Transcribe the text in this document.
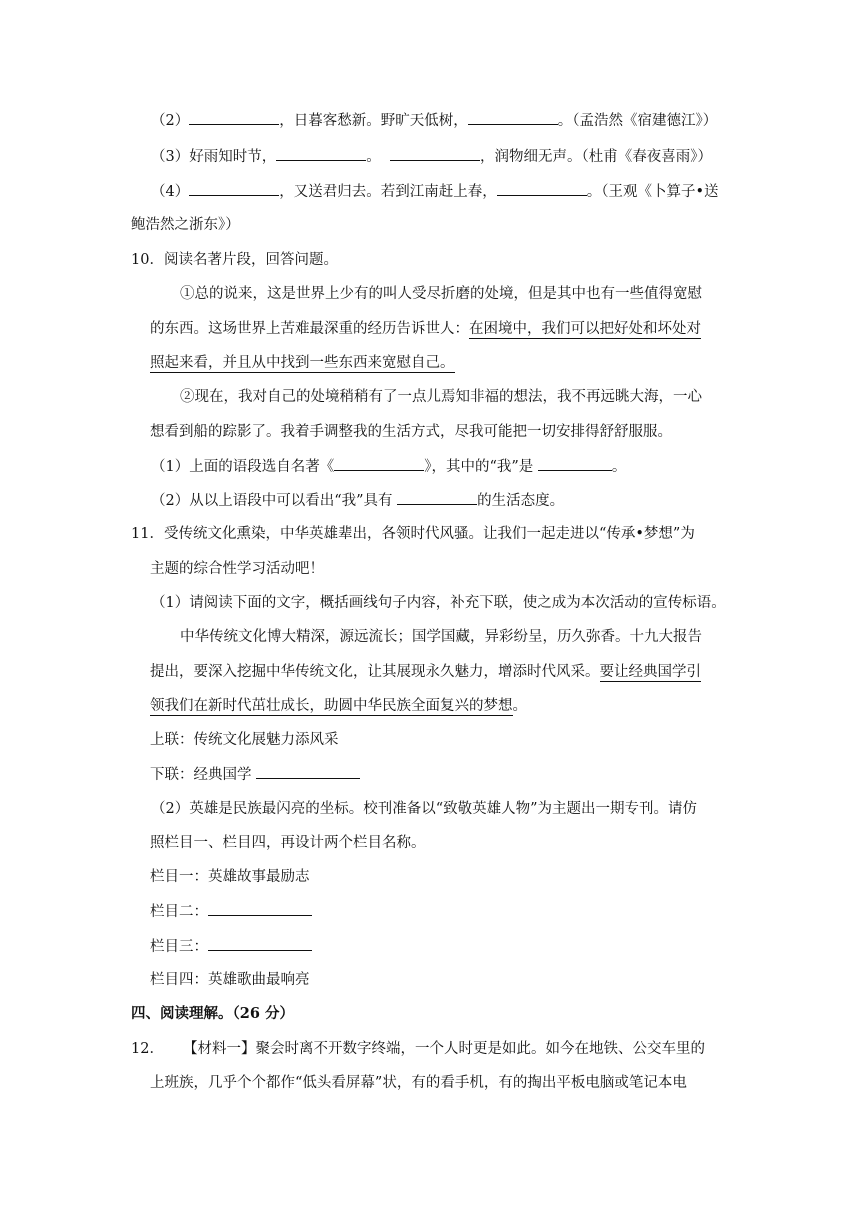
（2）	，日暮客愁新。野旷天低树，	。（孟浩然《宿建德江》）
（3）好雨知时节，	。	，润物细无声。（杜甫《春夜喜雨》）
（4）	，又送君归去。若到江南赶上春，	。（王观《卜算子•送
鲍浩然之浙东》）
10．阅读名著片段，回答问题。
①总的说来，这是世界上少有的叫人受尽折磨的处境，但是其中也有一些值得宽慰
的东西。这场世界上苦难最深重的经历告诉世人：在困境中，我们可以把好处和坏处对
照起来看，并且从中找到一些东西来宽慰自己。
②现在，我对自己的处境稍稍有了一点儿焉知非福的想法，我不再远眺大海，一心
想看到船的踪影了。我着手调整我的生活方式，尽我可能把一切安排得舒舒服服。
（1）上面的语段选自名著《	》，其中的“我”是	。
（2）从以上语段中可以看出“我”具有	的生活态度。
11．受传统文化熏染，中华英雄辈出，各领时代风骚。让我们一起走进以“传承•梦想”为
主题的综合性学习活动吧！
（1）请阅读下面的文字，概括画线句子内容，补充下联，使之成为本次活动的宣传标语。
中华传统文化博大精深，源远流长；国学国藏，异彩纷呈，历久弥香。十九大报告
提出，要深入挖掘中华传统文化，让其展现永久魅力，增添时代风采。要让经典国学引
领我们在新时代茁壮成长，助圆中华民族全面复兴的梦想。
上联：传统文化展魅力添风采
下联：经典国学
（2）英雄是民族最闪亮的坐标。校刊准备以“致敬英雄人物”为主题出一期专刊。请仿
照栏目一、栏目四，再设计两个栏目名称。
栏目一：英雄故事最励志
栏目二：
栏目三：
栏目四：英雄歌曲最响亮
四、阅读理解。（26 分）
12． 【材料一】聚会时离不开数字终端，一个人时更是如此。如今在地铁、公交车里的
上班族，几乎个个都作“低头看屏幕”状，有的看手机，有的掏出平板电脑或笔记本电
